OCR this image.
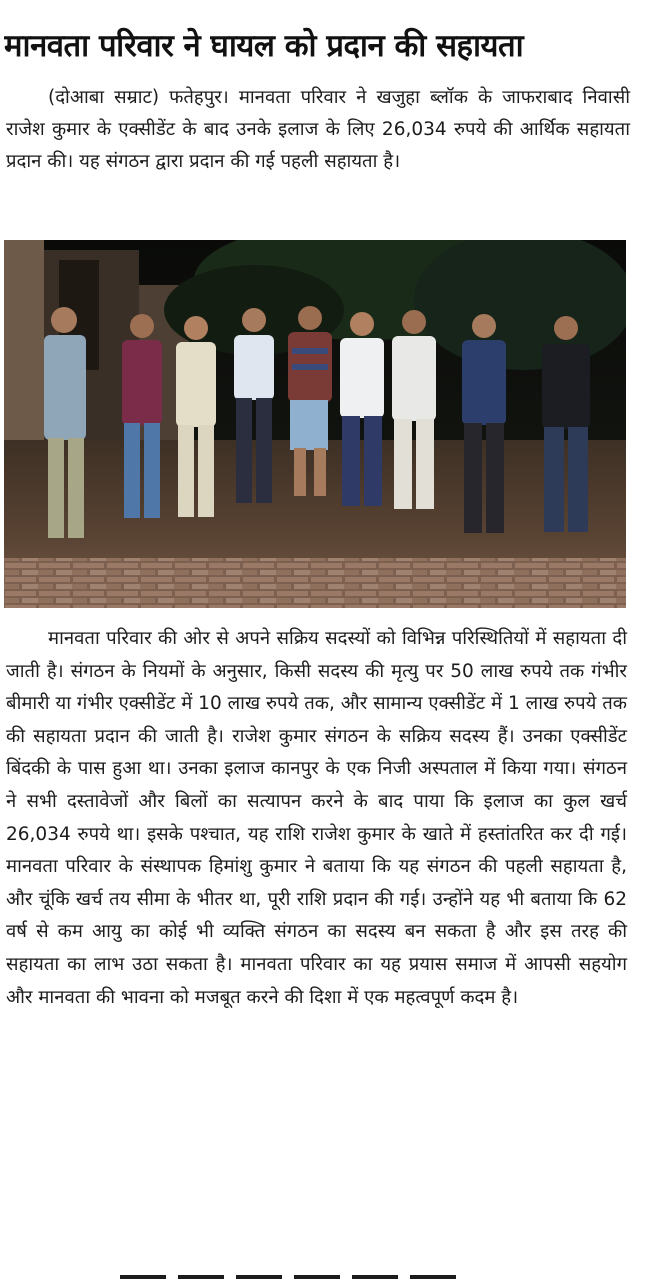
मानवता परिवार ने घायल को प्रदान की सहायता
(दोआबा सम्राट) फतेहपुर। मानवता परिवार ने खजुहा ब्लॉक के जाफराबाद निवासी राजेश कुमार के एक्सीडेंट के बाद उनके इलाज के लिए 26,034 रुपये की आर्थिक सहायता प्रदान की। यह संगठन द्वारा प्रदान की गई पहली सहायता है।
मानवता परिवार की ओर से अपने सक्रिय सदस्यों को विभिन्न परिस्थितियों में सहायता दी जाती है। संगठन के नियमों के अनुसार, किसी सदस्य की मृत्यु पर 50 लाख रुपये तक गंभीर बीमारी या गंभीर एक्सीडेंट में 10 लाख रुपये तक, और सामान्य एक्सीडेंट में 1 लाख रुपये तक की सहायता प्रदान की जाती है। राजेश कुमार संगठन के सक्रिय सदस्य हैं। उनका एक्सीडेंट बिंदकी के पास हुआ था। उनका इलाज कानपुर के एक निजी अस्पताल में किया गया। संगठन ने सभी दस्तावेजों और बिलों का सत्यापन करने के बाद पाया कि इलाज का कुल खर्च 26,034 रुपये था। इसके पश्चात, यह राशि राजेश कुमार के खाते में हस्तांतरित कर दी गई। मानवता परिवार के संस्थापक हिमांशु कुमार ने बताया कि यह संगठन की पहली सहायता है, और चूंकि खर्च तय सीमा के भीतर था, पूरी राशि प्रदान की गई। उन्होंने यह भी बताया कि 62 वर्ष से कम आयु का कोई भी व्यक्ति संगठन का सदस्य बन सकता है और इस तरह की सहायता का लाभ उठा सकता है। मानवता परिवार का यह प्रयास समाज में आपसी सहयोग और मानवता की भावना को मजबूत करने की दिशा में एक महत्वपूर्ण कदम है।
